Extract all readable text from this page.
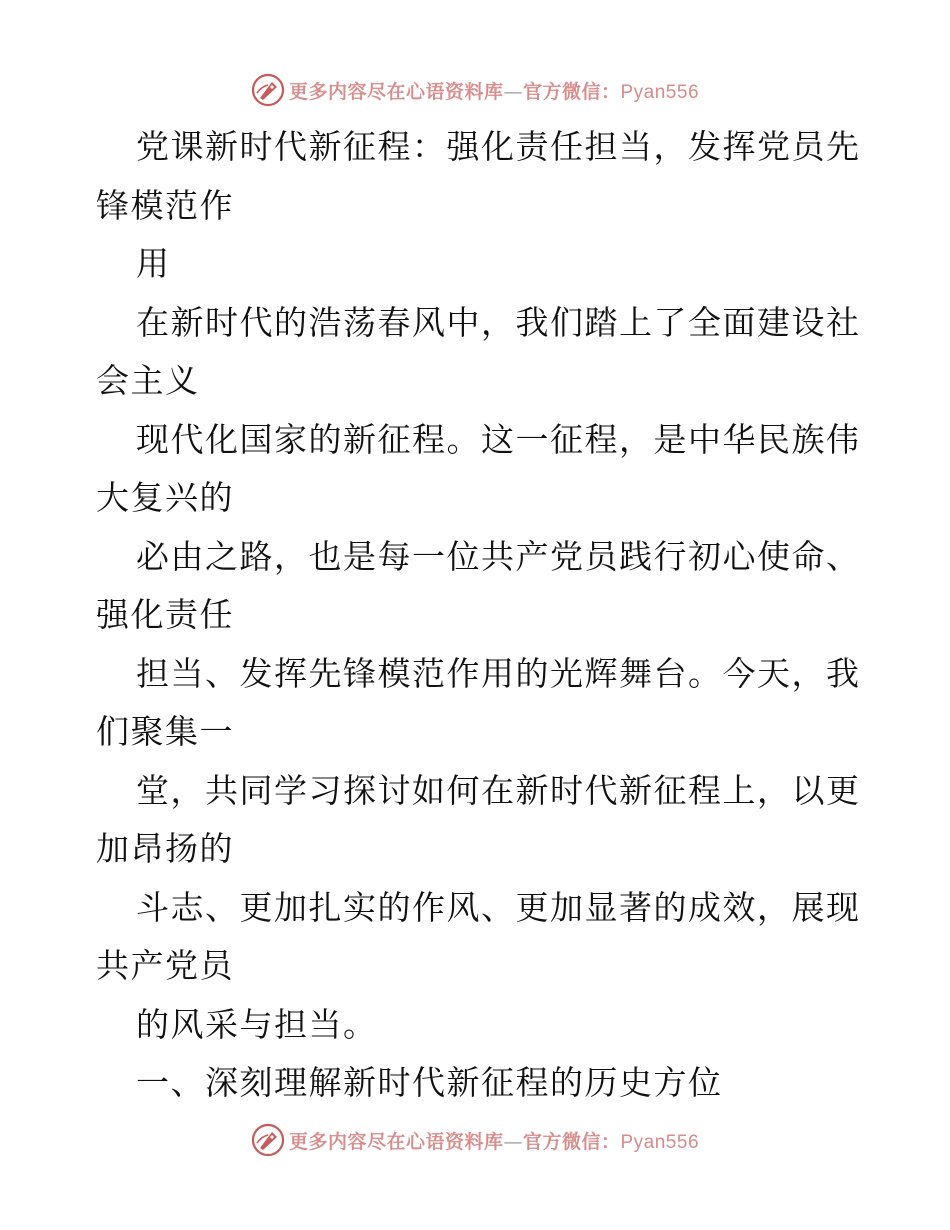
更多内容尽在心语资料库—官方微信：Pyan556
党课新时代新征程：强化责任担当，发挥党员先
锋模范作
用
在新时代的浩荡春风中，我们踏上了全面建设社
会主义
现代化国家的新征程。这一征程，是中华民族伟
大复兴的
必由之路，也是每一位共产党员践行初心使命、
强化责任
担当、发挥先锋模范作用的光辉舞台。今天，我
们聚集一
堂，共同学习探讨如何在新时代新征程上，以更
加昂扬的
斗志、更加扎实的作风、更加显著的成效，展现
共产党员
的风采与担当。
一、深刻理解新时代新征程的历史方位
更多内容尽在心语资料库—官方微信：Pyan556
